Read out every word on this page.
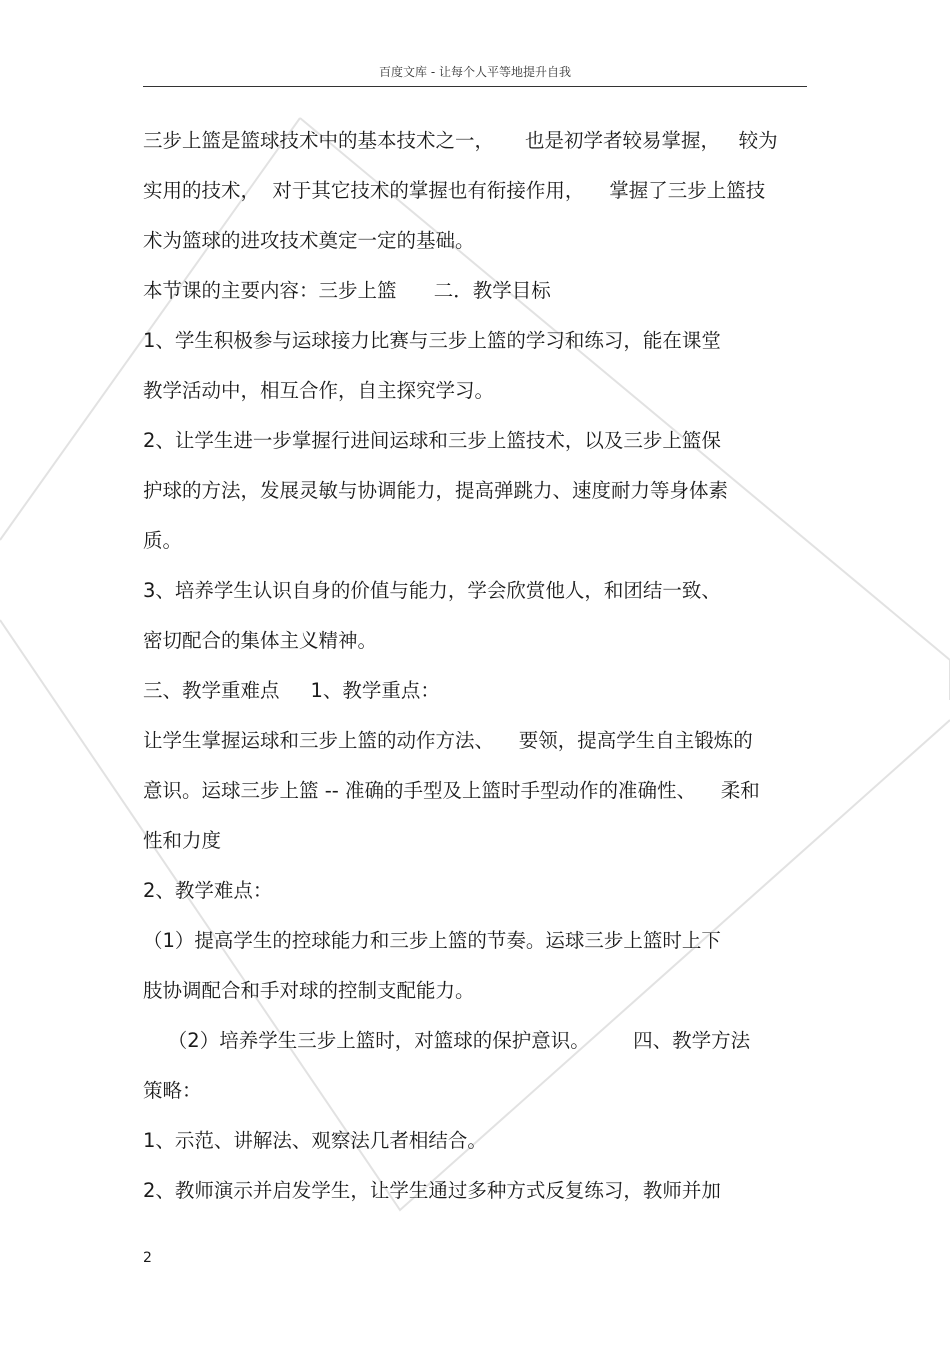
百度文库 - 让每个人平等地提升自我
三步上篮是篮球技术中的基本技术之一，     也是初学者较易掌握，   较为
实用的技术，  对于其它技术的掌握也有衔接作用，    掌握了三步上篮技
术为篮球的进攻技术奠定一定的基础。
本节课的主要内容：三步上篮      二．教学目标
1、学生积极参与运球接力比赛与三步上篮的学习和练习，能在课堂
教学活动中，相互合作，自主探究学习。
2、让学生进一步掌握行进间运球和三步上篮技术，以及三步上篮保
护球的方法，发展灵敏与协调能力，提高弹跳力、速度耐力等身体素
质。
3、培养学生认识自身的价值与能力，学会欣赏他人，和团结一致、
密切配合的集体主义精神。
三、教学重难点     1、教学重点：
让学生掌握运球和三步上篮的动作方法、    要领，提高学生自主锻炼的
意识。运球三步上篮 -- 准确的手型及上篮时手型动作的准确性、    柔和
性和力度
2、教学难点：
（1）提高学生的控球能力和三步上篮的节奏。运球三步上篮时上下
肢协调配合和手对球的控制支配能力。
（2）培养学生三步上篮时，对篮球的保护意识。       四、教学方法
策略：
1、示范、讲解法、观察法几者相结合。
2、教师演示并启发学生，让学生通过多种方式反复练习，教师并加
2
